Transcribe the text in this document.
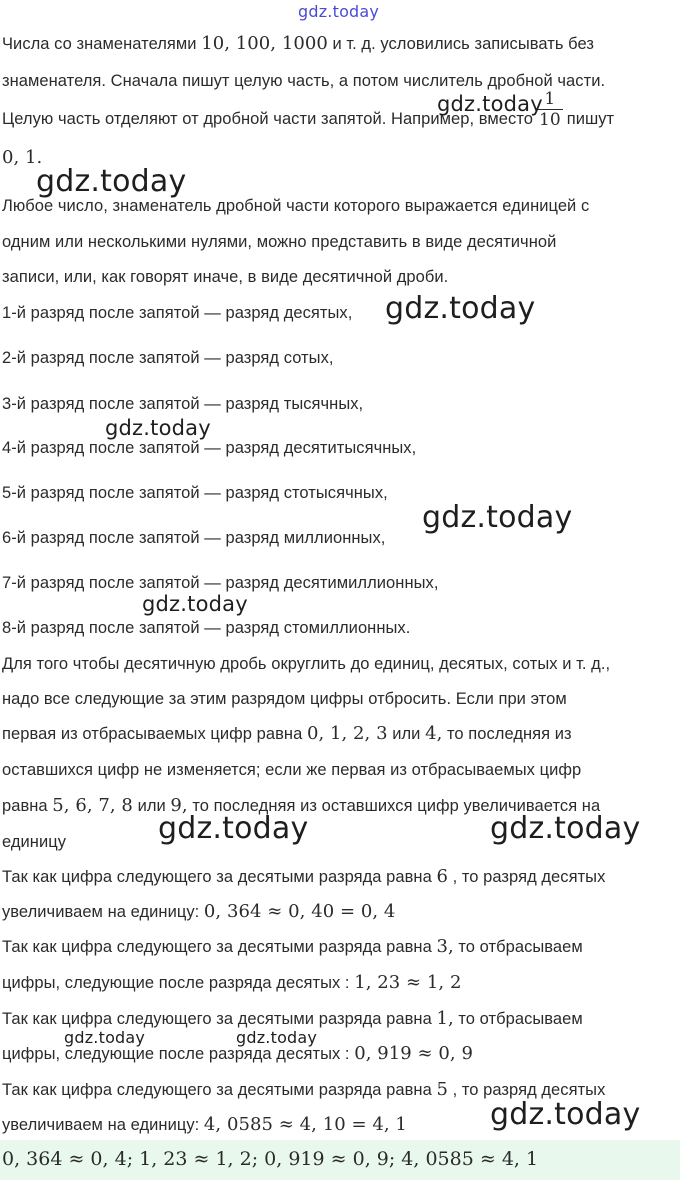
Числа со знаменателями 10, 100, 1000 и т. д. условились записывать без
знаменателя. Сначала пишут целую часть, а потом числитель дробной части.
Целую часть отделяют от дробной части запятой. Например, вместо $\frac{1}{10}$ пишут
0, 1.
Любое число, знаменатель дробной части которого выражается единицей с
одним или несколькими нулями, можно представить в виде десятичной
записи, или, как говорят иначе, в виде десятичной дроби.
1-й разряд после запятой — разряд десятых,
2-й разряд после запятой — разряд сотых,
3-й разряд после запятой — разряд тысячных,
4-й разряд после запятой — разряд десятитысячных,
5-й разряд после запятой — разряд стотысячных,
6-й разряд после запятой — разряд миллионных,
7-й разряд после запятой — разряд десятимиллионных,
8-й разряд после запятой — разряд стомиллионных.
Для того чтобы десятичную дробь округлить до единиц, десятых, сотых и т. д.,
надо все следующие за этим разрядом цифры отбросить. Если при этом
первая из отбрасываемых цифр равна 0, 1, 2, 3 или 4, то последняя из
оставшихся цифр не изменяется; если же первая из отбрасываемых цифр
равна 5, 6, 7, 8 или 9, то последняя из оставшихся цифр увеличивается на
единицу
Так как цифра следующего за десятыми разряда равна 6 , то разряд десятых
увеличиваем на единицу: 0, 364 ≈ 0, 40 = 0, 4
Так как цифра следующего за десятыми разряда равна 3, то отбрасываем
цифры, следующие после разряда десятых : 1, 23 ≈ 1, 2
Так как цифра следующего за десятыми разряда равна 1, то отбрасываем
цифры, следующие после разряда десятых : 0, 919 ≈ 0, 9
Так как цифра следующего за десятыми разряда равна 5 , то разряд десятых
увеличиваем на единицу: 4, 0585 ≈ 4, 10 = 4, 1
0, 364 ≈ 0, 4; 1, 23 ≈ 1, 2; 0, 919 ≈ 0, 9; 4, 0585 ≈ 4, 1
gdz.today
gdz.today
gdz.today
gdz.today
gdz.today
gdz.today
gdz.today
gdz.today	gdz.today
gdz.today	gdz.today
gdz.today
